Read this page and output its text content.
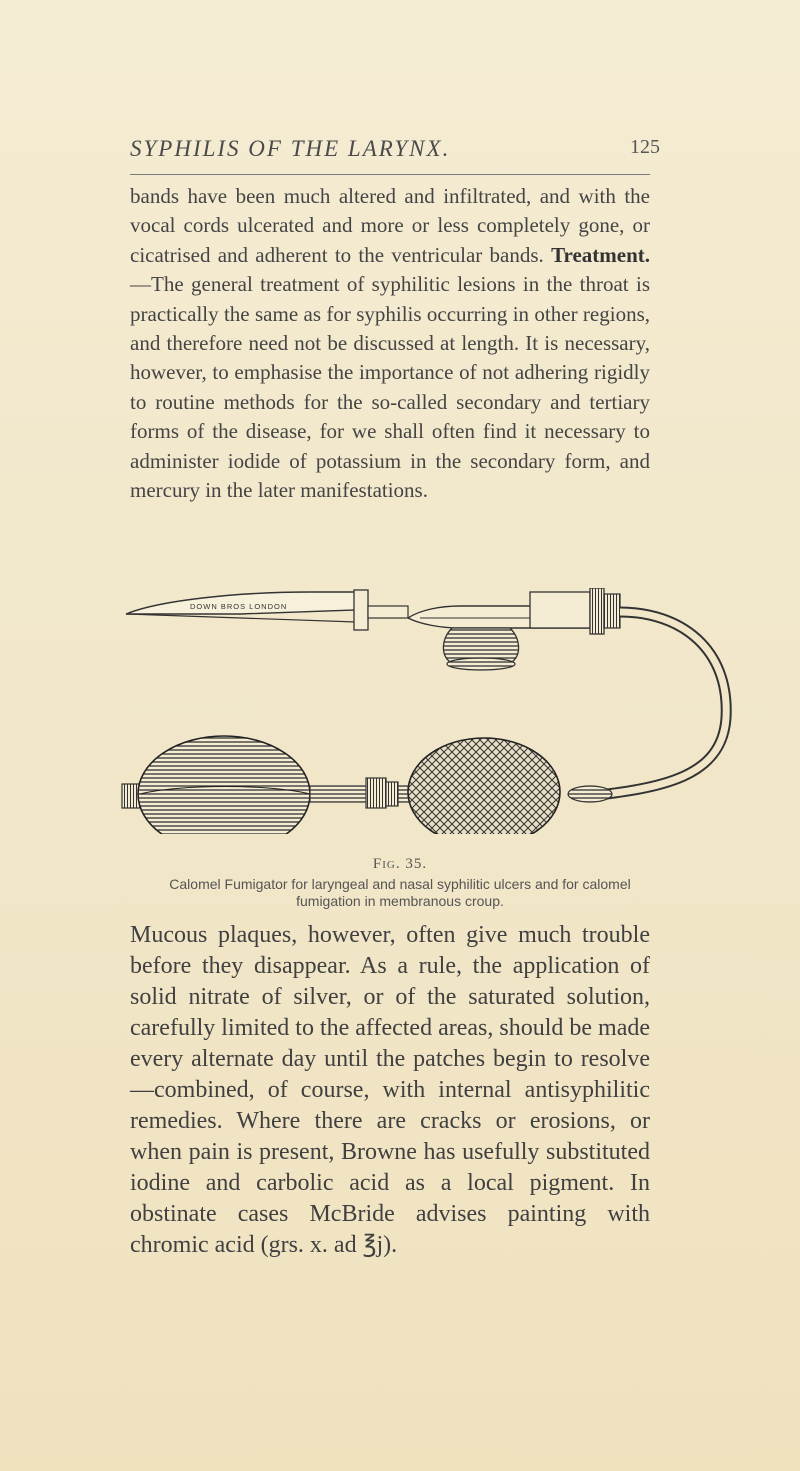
SYPHILIS OF THE LARYNX.	125

bands have been much altered and infiltrated, and with the vocal cords ulcerated and more or less completely gone, or cicatrised and adherent to the ventricular bands. Treatment.—The general treatment of syphilitic lesions in the throat is practically the same as for syphilis occurring in other regions, and therefore need not be discussed at length. It is necessary, however, to emphasise the importance of not adhering rigidly to routine methods for the so-called secondary and tertiary forms of the disease, for we shall often find it necessary to administer iodide of potassium in the secondary form, and mercury in the later manifestations.

DOWN BROS LONDON
Fig. 35.
Calomel Fumigator for laryngeal and nasal syphilitic ulcers and for calomel fumigation in membranous croup.

Mucous plaques, however, often give much trouble before they disappear. As a rule, the application of solid nitrate of silver, or of the saturated solution, carefully limited to the affected areas, should be made every alternate day until the patches begin to resolve—combined, of course, with internal antisyphilitic remedies. Where there are cracks or erosions, or when pain is present, Browne has usefully substituted iodine and carbolic acid as a local pigment. In obstinate cases McBride advises painting with chromic acid (grs. x. ad ℥j).
